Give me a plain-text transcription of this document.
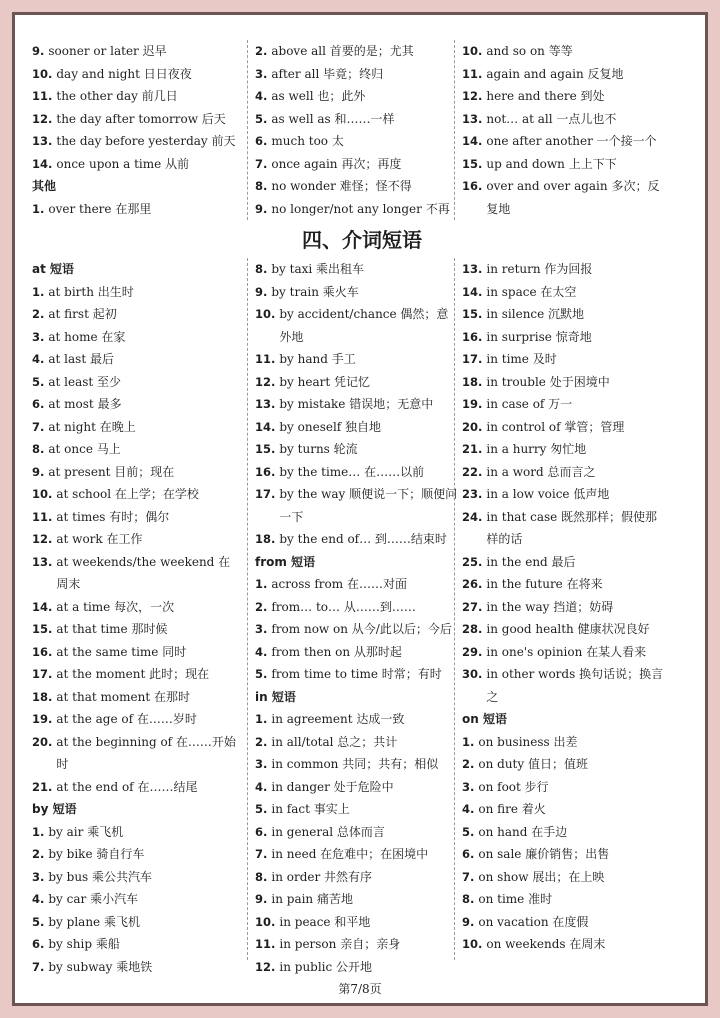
9. sooner or later 迟早
10. day and night 日日夜夜
11. the other day 前几日
12. the day after tomorrow 后天
13. the day before yesterday 前天
14. once upon a time 从前
其他
1. over there 在那里
2. above all 首要的是；尤其
3. after all 毕竟；终归
4. as well 也；此外
5. as well as 和……一样
6. much too 太
7. once again 再次；再度
8. no wonder 难怪；怪不得
9. no longer/not any longer 不再
10. and so on 等等
11. again and again 反复地
12. here and there 到处
13. not… at all 一点儿也不
14. one after another 一个接一个
15. up and down 上上下下
16. over and over again 多次；反复地
四、介词短语
at 短语
1. at birth 出生时
2. at first 起初
3. at home 在家
4. at last 最后
5. at least 至少
6. at most 最多
7. at night 在晚上
8. at once 马上
9. at present 目前；现在
10. at school 在上学；在学校
11. at times 有时；偶尔
12. at work 在工作
13. at weekends/the weekend 在周末
14. at a time 每次，一次
15. at that time 那时候
16. at the same time 同时
17. at the moment 此时；现在
18. at that moment 在那时
19. at the age of 在……岁时
20. at the beginning of 在……开始时
21. at the end of 在……结尾
by 短语
1. by air 乘飞机
2. by bike 骑自行车
3. by bus 乘公共汽车
4. by car 乘小汽车
5. by plane 乘飞机
6. by ship 乘船
7. by subway 乘地铁
8. by taxi 乘出租车
9. by train 乘火车
10. by accident/chance 偶然；意外地
11. by hand 手工
12. by heart 凭记忆
13. by mistake 错误地；无意中
14. by oneself 独自地
15. by turns 轮流
16. by the time… 在……以前
17. by the way 顺便说一下；顺便问一下
18. by the end of… 到……结束时
from 短语
1. across from 在……对面
2. from… to… 从……到……
3. from now on 从今/此以后；今后
4. from then on 从那时起
5. from time to time 时常；有时
in 短语
1. in agreement 达成一致
2. in all/total 总之；共计
3. in common 共同；共有；相似
4. in danger 处于危险中
5. in fact 事实上
6. in general 总体而言
7. in need 在危难中；在困境中
8. in order 井然有序
9. in pain 痛苦地
10. in peace 和平地
11. in person 亲自；亲身
12. in public 公开地
13. in return 作为回报
14. in space 在太空
15. in silence 沉默地
16. in surprise 惊奇地
17. in time 及时
18. in trouble 处于困境中
19. in case of 万一
20. in control of 掌管；管理
21. in a hurry 匆忙地
22. in a word 总而言之
23. in a low voice 低声地
24. in that case 既然那样；假使那样的话
25. in the end 最后
26. in the future 在将来
27. in the way 挡道；妨碍
28. in good health 健康状况良好
29. in one's opinion 在某人看来
30. in other words 换句话说；换言之
on 短语
1. on business 出差
2. on duty 值日；值班
3. on foot 步行
4. on fire 着火
5. on hand 在手边
6. on sale 廉价销售；出售
7. on show 展出；在上映
8. on time 准时
9. on vacation 在度假
10. on weekends 在周末
第7/8页
